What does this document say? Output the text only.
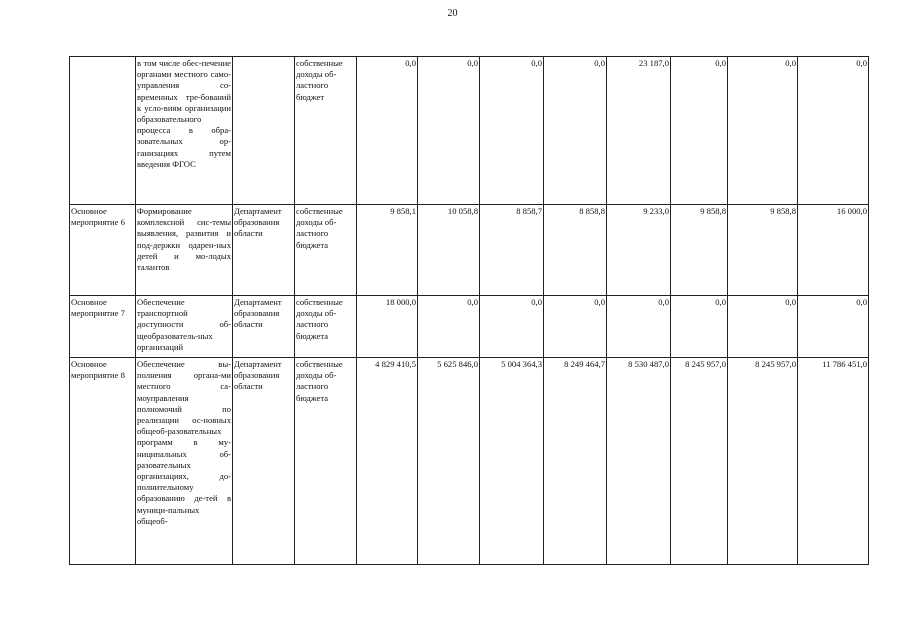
20
	в том числе обес-печение органами местного само-управления со-временных тре-бований к усло-виям организации образовательного процесса в обра-зовательных ор-ганизациях путем введения ФГОС		собственные доходы об-ластного бюджет	0,0	0,0	0,0	0,0	23 187,0	0,0	0,0	0,0
Основное мероприятие 6	Формирование комплексной сис-темы выявления, развития и под-держки одарен-ных детей и мо-лодых талантов	Департамент образования области	собственные доходы об-ластного бюджета	9 858,1	10 058,8	8 858,7	8 858,8	9 233,0	9 858,8	9 858,8	16 000,0
Основное мероприятие 7	Обеспечение транспортной доступности об-щеобразователь-ных организаций	Департамент образования области	собственные доходы об-ластного бюджета	18 000,0	0,0	0,0	0,0	0,0	0,0	0,0	0,0
Основное мероприятие 8	Обеспечение вы-полнения органа-ми местного са-моуправления полномочий по реализации ос-новных общеоб-разовательных программ в му-ниципальных об-разовательных организациях, до-полнительному образованию де-тей в муници-пальных общеоб-	Департамент образования области	собственные доходы об-ластного бюджета	4 829 410,5	5 625 846,0	5 004 364,3	8 249 464,7	8 530 487,0	8 245 957,0	8 245 957,0	11 786 451,0
